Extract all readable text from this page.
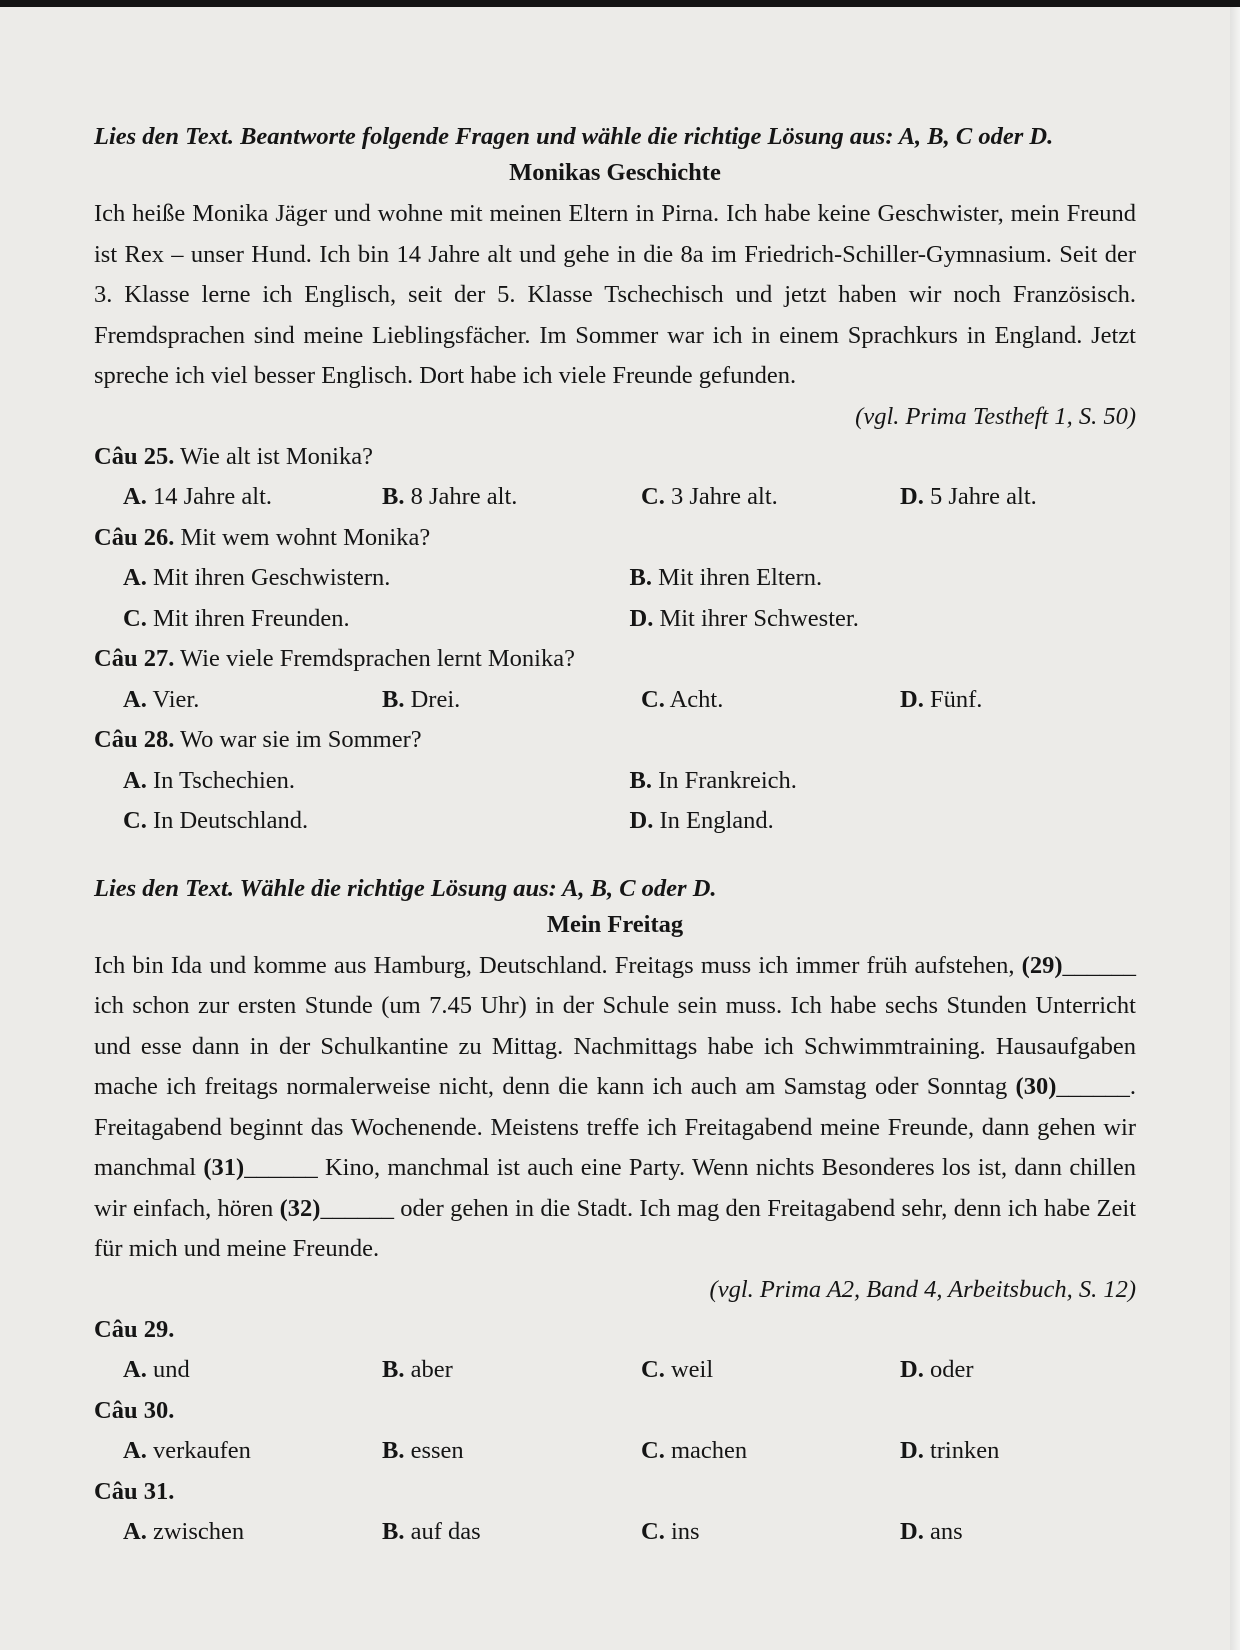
Lies den Text. Beantworte folgende Fragen und wähle die richtige Lösung aus: A, B, C oder D.
Monikas Geschichte

Ich heiße Monika Jäger und wohne mit meinen Eltern in Pirna. Ich habe keine Geschwister, mein Freund ist Rex – unser Hund. Ich bin 14 Jahre alt und gehe in die 8a im Friedrich-Schiller-Gymnasium. Seit der 3. Klasse lerne ich Englisch, seit der 5. Klasse Tschechisch und jetzt haben wir noch Französisch. Fremdsprachen sind meine Lieblingsfächer. Im Sommer war ich in einem Sprachkurs in England. Jetzt spreche ich viel besser Englisch. Dort habe ich viele Freunde gefunden.

(vgl. Prima Testheft 1, S. 50)
Câu 25. Wie alt ist Monika?
A. 14 Jahre alt.	B. 8 Jahre alt.	C. 3 Jahre alt.	D. 5 Jahre alt.
Câu 26. Mit wem wohnt Monika?
A. Mit ihren Geschwistern.	B. Mit ihren Eltern.
C. Mit ihren Freunden.	D. Mit ihrer Schwester.
Câu 27. Wie viele Fremdsprachen lernt Monika?
A. Vier.	B. Drei.	C. Acht.	D. Fünf.
Câu 28. Wo war sie im Sommer?
A. In Tschechien.	B. In Frankreich.
C. In Deutschland.	D. In England.
Lies den Text. Wähle die richtige Lösung aus: A, B, C oder D.
Mein Freitag

Ich bin Ida und komme aus Hamburg, Deutschland. Freitags muss ich immer früh aufstehen, (29)______ ich schon zur ersten Stunde (um 7.45 Uhr) in der Schule sein muss. Ich habe sechs Stunden Unterricht und esse dann in der Schulkantine zu Mittag. Nachmittags habe ich Schwimmtraining. Hausaufgaben mache ich freitags normalerweise nicht, denn die kann ich auch am Samstag oder Sonntag (30)______. Freitagabend beginnt das Wochenende. Meistens treffe ich Freitagabend meine Freunde, dann gehen wir manchmal (31)______ Kino, manchmal ist auch eine Party. Wenn nichts Besonderes los ist, dann chillen wir einfach, hören (32)______ oder gehen in die Stadt. Ich mag den Freitagabend sehr, denn ich habe Zeit für mich und meine Freunde.

(vgl. Prima A2, Band 4, Arbeitsbuch, S. 12)
Câu 29.
A. und	B. aber	C. weil	D. oder
Câu 30.
A. verkaufen	B. essen	C. machen	D. trinken
Câu 31.
A. zwischen	B. auf das	C. ins	D. ans
